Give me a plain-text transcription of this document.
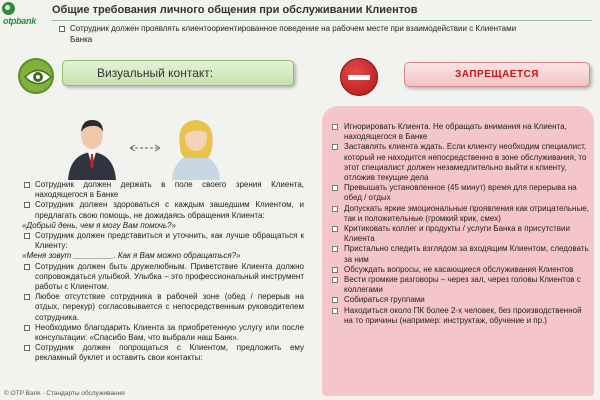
otpbank
Общие требования личного общения при обслуживании Клиентов
Сотрудник должен проявлять клиентоориентированное поведение на рабочем месте при взаимодействии с Клиентами Банка
Визуальный контакт:
Сотрудник должен держать в поле своего зрения Клиента, находящегося в Банке
Сотрудник должен здороваться с каждым зашедшим Клиентом, и предлагать свою помощь, не дожидаясь обращения Клиента:
«Добрый день, чем я могу Вам помочь?»
Сотрудник должен представиться и уточнить, как лучше обращаться к Клиенту:
«Меня зовут _________. Как я Вам можно обращаться?»
Сотрудник должен быть дружелюбным. Приветствие Клиента должно сопровождаться улыбкой. Улыбка – это профессиональный инструмент работы с Клиентом.
Любое отсутствие сотрудника в рабочей зоне (обед / перерыв на отдых, перекур) согласовывается с непосредственным руководителем сотрудника.
Необходимо благодарить Клиента за приобретенную услугу или после консультации: «Спасибо Вам, что выбрали наш Банк».
Сотрудник должен попрощаться с Клиентом, предложить ему рекламный буклет и оставить свои контакты:
ЗАПРЕЩАЕТСЯ
Игнорировать Клиента. Не обращать внимания на Клиента, находящегося в Банке
Заставлять клиента ждать. Если клиенту необходим специалист, который не находится непосредственно в зоне обслуживания, то этот специалист должен незамедлительно выйти к клиенту, отложив текущие дела
Превышать установленное (45 минут) время для перерыва на обед / отдых
Допускать яркие эмоциональные проявления как отрицательные, так и положительные (громкий крик, смех)
Критиковать коллег и продукты / услуги Банка в присутствии Клиента
Пристально следить взглядом за входящим Клиентом, следовать за ним
Обсуждать вопросы, не касающиеся обслуживания Клиентов
Вести громкие разговоры – через зал, через головы Клиентов с коллегами
Собираться группами
Находиться около ПК более 2-х человек, без производственной на то причины (например: инструктаж, обучение и пр.)
© OTP Bank · Стандарты обслуживания
